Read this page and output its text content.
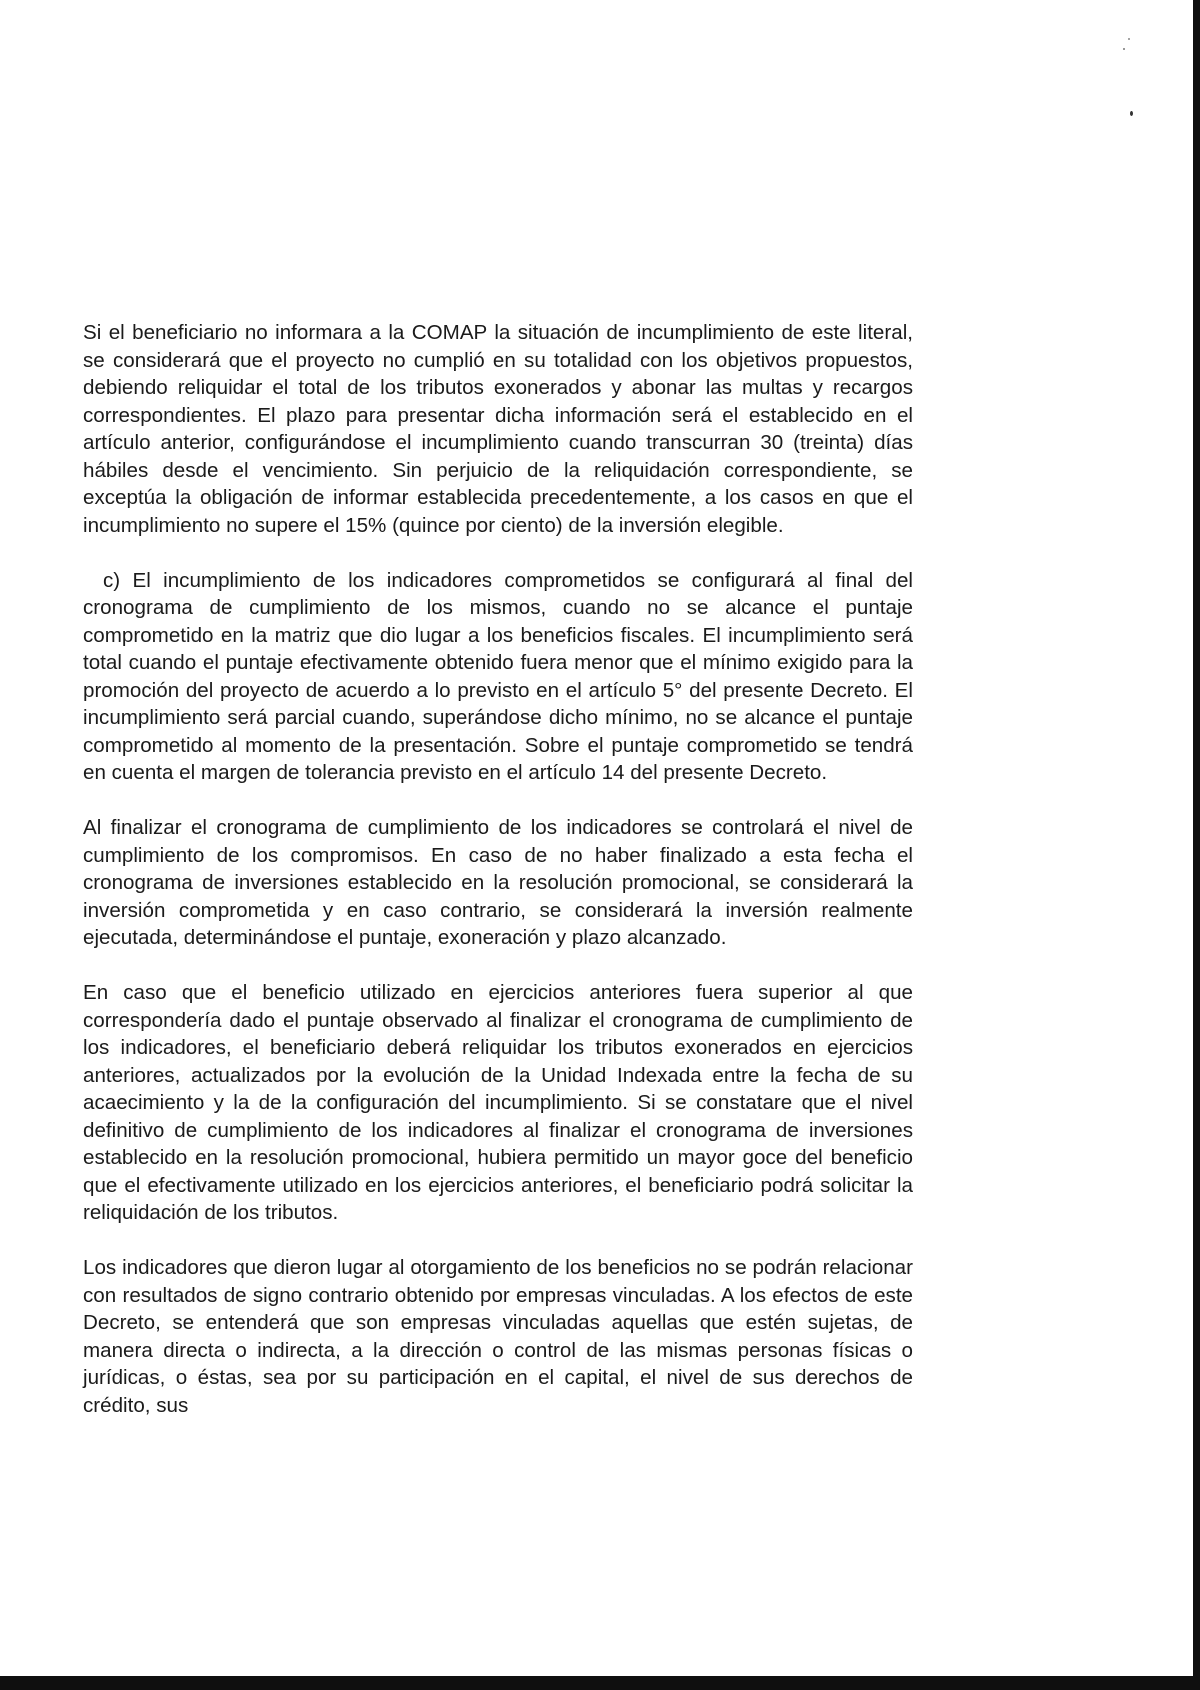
Si el beneficiario no informara a la COMAP la situación de incumplimiento de este literal, se considerará que el proyecto no cumplió en su totalidad con los objetivos propuestos, debiendo reliquidar el total de los tributos exonerados y abonar las multas y recargos correspondientes. El plazo para presentar dicha información será el establecido en el artículo anterior, configurándose el incumplimiento cuando transcurran 30 (treinta) días hábiles desde el vencimiento. Sin perjuicio de la reliquidación correspondiente, se exceptúa la obligación de informar establecida precedentemente, a los casos en que el incumplimiento no supere el 15% (quince por ciento) de la inversión elegible.

c) El incumplimiento de los indicadores comprometidos se configurará al final del cronograma de cumplimiento de los mismos, cuando no se alcance el puntaje comprometido en la matriz que dio lugar a los beneficios fiscales. El incumplimiento será total cuando el puntaje efectivamente obtenido fuera menor que el mínimo exigido para la promoción del proyecto de acuerdo a lo previsto en el artículo 5° del presente Decreto. El incumplimiento será parcial cuando, superándose dicho mínimo, no se alcance el puntaje comprometido al momento de la presentación. Sobre el puntaje comprometido se tendrá en cuenta el margen de tolerancia previsto en el artículo 14 del presente Decreto.

Al finalizar el cronograma de cumplimiento de los indicadores se controlará el nivel de cumplimiento de los compromisos. En caso de no haber finalizado a esta fecha el cronograma de inversiones establecido en la resolución promocional, se considerará la inversión comprometida y en caso contrario, se considerará la inversión realmente ejecutada, determinándose el puntaje, exoneración y plazo alcanzado.

En caso que el beneficio utilizado en ejercicios anteriores fuera superior al que correspondería dado el puntaje observado al finalizar el cronograma de cumplimiento de los indicadores, el beneficiario deberá reliquidar los tributos exonerados en ejercicios anteriores, actualizados por la evolución de la Unidad Indexada entre la fecha de su acaecimiento y la de la configuración del incumplimiento. Si se constatare que el nivel definitivo de cumplimiento de los indicadores al finalizar el cronograma de inversiones establecido en la resolución promocional, hubiera permitido un mayor goce del beneficio que el efectivamente utilizado en los ejercicios anteriores, el beneficiario podrá solicitar la reliquidación de los tributos.

Los indicadores que dieron lugar al otorgamiento de los beneficios no se podrán relacionar con resultados de signo contrario obtenido por empresas vinculadas. A los efectos de este Decreto, se entenderá que son empresas vinculadas aquellas que estén sujetas, de manera directa o indirecta, a la dirección o control de las mismas personas físicas o jurídicas, o éstas, sea por su participación en el capital, el nivel de sus derechos de crédito, sus
